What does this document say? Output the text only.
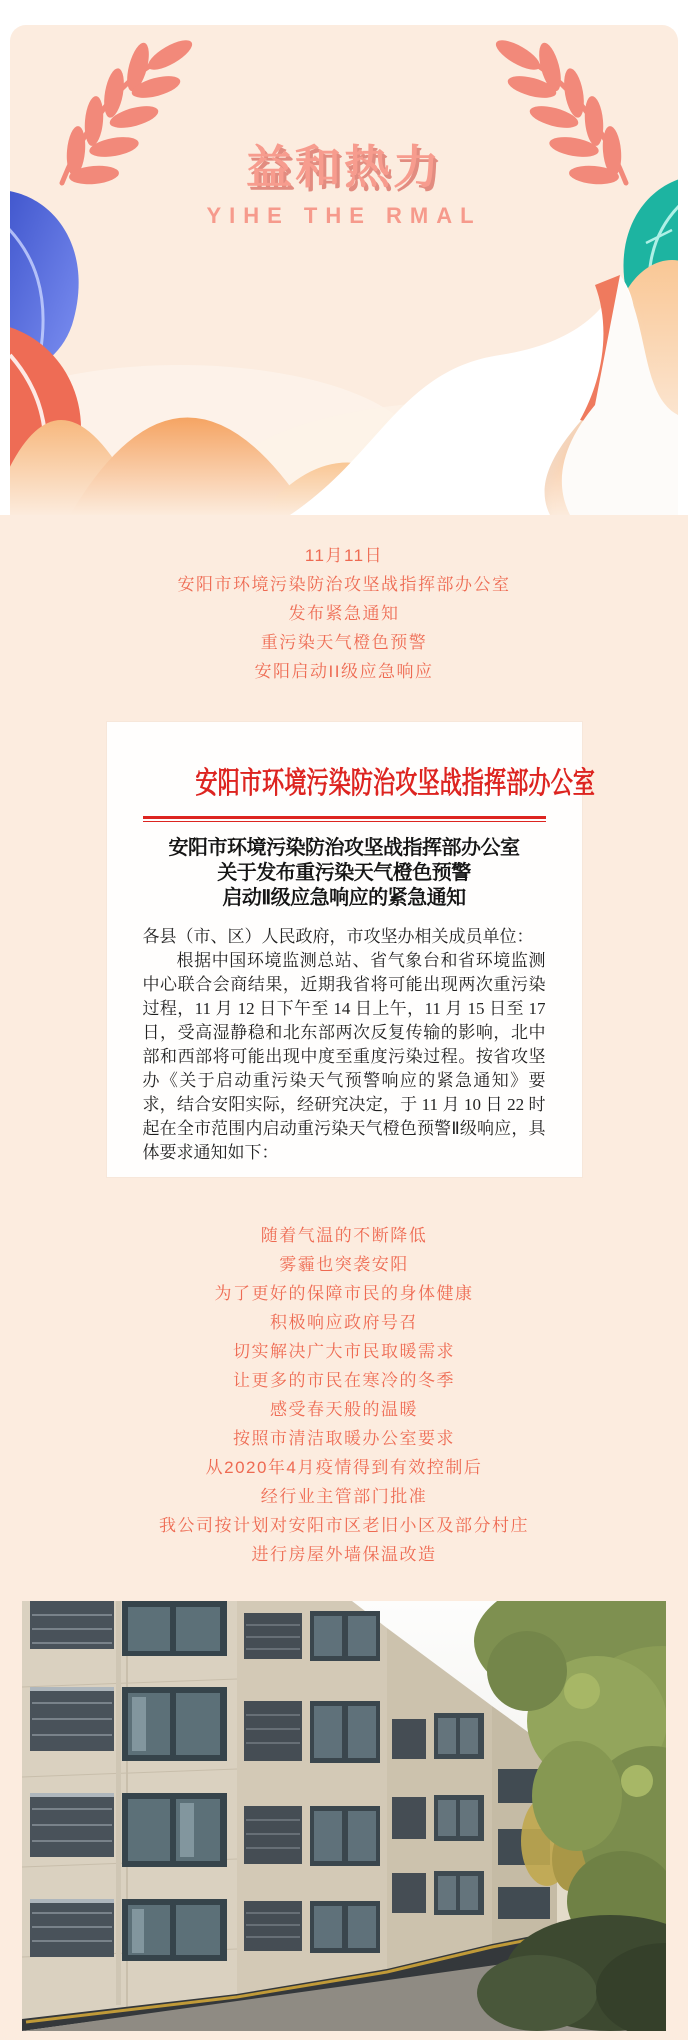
益和热力
YIHE THE RMAL

11月11日

安阳市环境污染防治攻坚战指挥部办公室

发布紧急通知

重污染天气橙色预警

安阳启动II级应急响应

安阳市环境污染防治攻坚战指挥部办公室

安阳市环境污染防治攻坚战指挥部办公室

关于发布重污染天气橙色预警

启动Ⅱ级应急响应的紧急通知

各县（市、区）人民政府，市攻坚办相关成员单位：

根据中国环境监测总站、省气象台和省环境监测中心联合会商结果，近期我省将可能出现两次重污染过程，11 月 12 日下午至 14 日上午，11 月 15 日至 17 日，受高湿静稳和北东部两次反复传输的影响，北中部和西部将可能出现中度至重度污染过程。按省攻坚办《关于启动重污染天气预警响应的紧急通知》要求，结合安阳实际，经研究决定，于 11 月 10 日 22 时起在全市范围内启动重污染天气橙色预警Ⅱ级响应，具体要求通知如下：

随着气温的不断降低

雾霾也突袭安阳

为了更好的保障市民的身体健康

积极响应政府号召

切实解决广大市民取暖需求

让更多的市民在寒冷的冬季

感受春天般的温暖

按照市清洁取暖办公室要求

从2020年4月疫情得到有效控制后

经行业主管部门批准

我公司按计划对安阳市区老旧小区及部分村庄

进行房屋外墙保温改造
